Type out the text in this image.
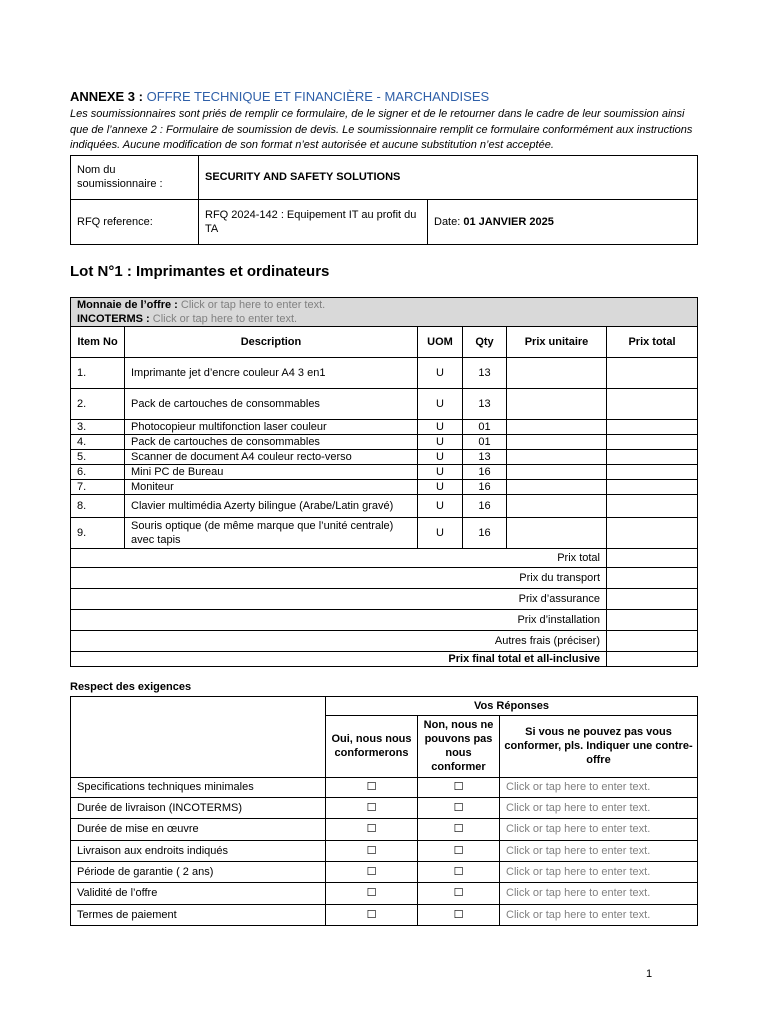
ANNEXE 3 : OFFRE TECHNIQUE ET FINANCIÈRE - MARCHANDISES
Les soumissionnaires sont priés de remplir ce formulaire, de le signer et de le retourner dans le cadre de leur soumission ainsi que de l’annexe 2 : Formulaire de soumission de devis. Le soumissionnaire remplit ce formulaire conformément aux instructions indiquées. Aucune modification de son format n’est autorisée et aucune substitution n’est acceptée.
Nom du soumissionnaire :	SECURITY AND SAFETY SOLUTIONS	
RFQ reference:	RFQ 2024-142 : Equipement IT au profit du TA	Date: 01 JANVIER 2025
Lot N°1 : Imprimantes et ordinateurs
Monnaie de l’offre : Click or tap here to enter text.
INCOTERMS : Click or tap here to enter text.					

Item No	Description	UOM	Qty	Prix unitaire	Prix total
1.	Imprimante jet d’encre couleur A4 3 en1	U	13		
2.	Pack de cartouches de consommables	U	13		
3.	Photocopieur multifonction laser couleur	U	01		
4.	Pack de cartouches de consommables	U	01		
5.	Scanner de document A4 couleur recto-verso	U	13		
6.	Mini PC de Bureau	U	16		
7.	Moniteur	U	16		
8.	Clavier multimédia Azerty bilingue (Arabe/Latin gravé)	U	16		
9.	Souris optique (de même marque que l’unité centrale) avec tapis	U	16		
Prix total					
Prix du transport					
Prix d’assurance					
Prix d’installation					
Autres frais (préciser)					
Prix final total et all-inclusive					
Respect des exigences
	Vos Réponses		
	Oui, nous nous conformerons	Non, nous ne pouvons pas nous conformer	Si vous ne pouvez pas vous conformer, pls. Indiquer une contre-offre
Specifications techniques minimales	☐	☐	Click or tap here to enter text.
Durée de livraison (INCOTERMS)	☐	☐	Click or tap here to enter text.
Durée de mise en œuvre	☐	☐	Click or tap here to enter text.
Livraison aux endroits indiqués	☐	☐	Click or tap here to enter text.
Période de garantie ( 2 ans)	☐	☐	Click or tap here to enter text.
Validité de l’offre	☐	☐	Click or tap here to enter text.
Termes de paiement	☐	☐	Click or tap here to enter text.
1
